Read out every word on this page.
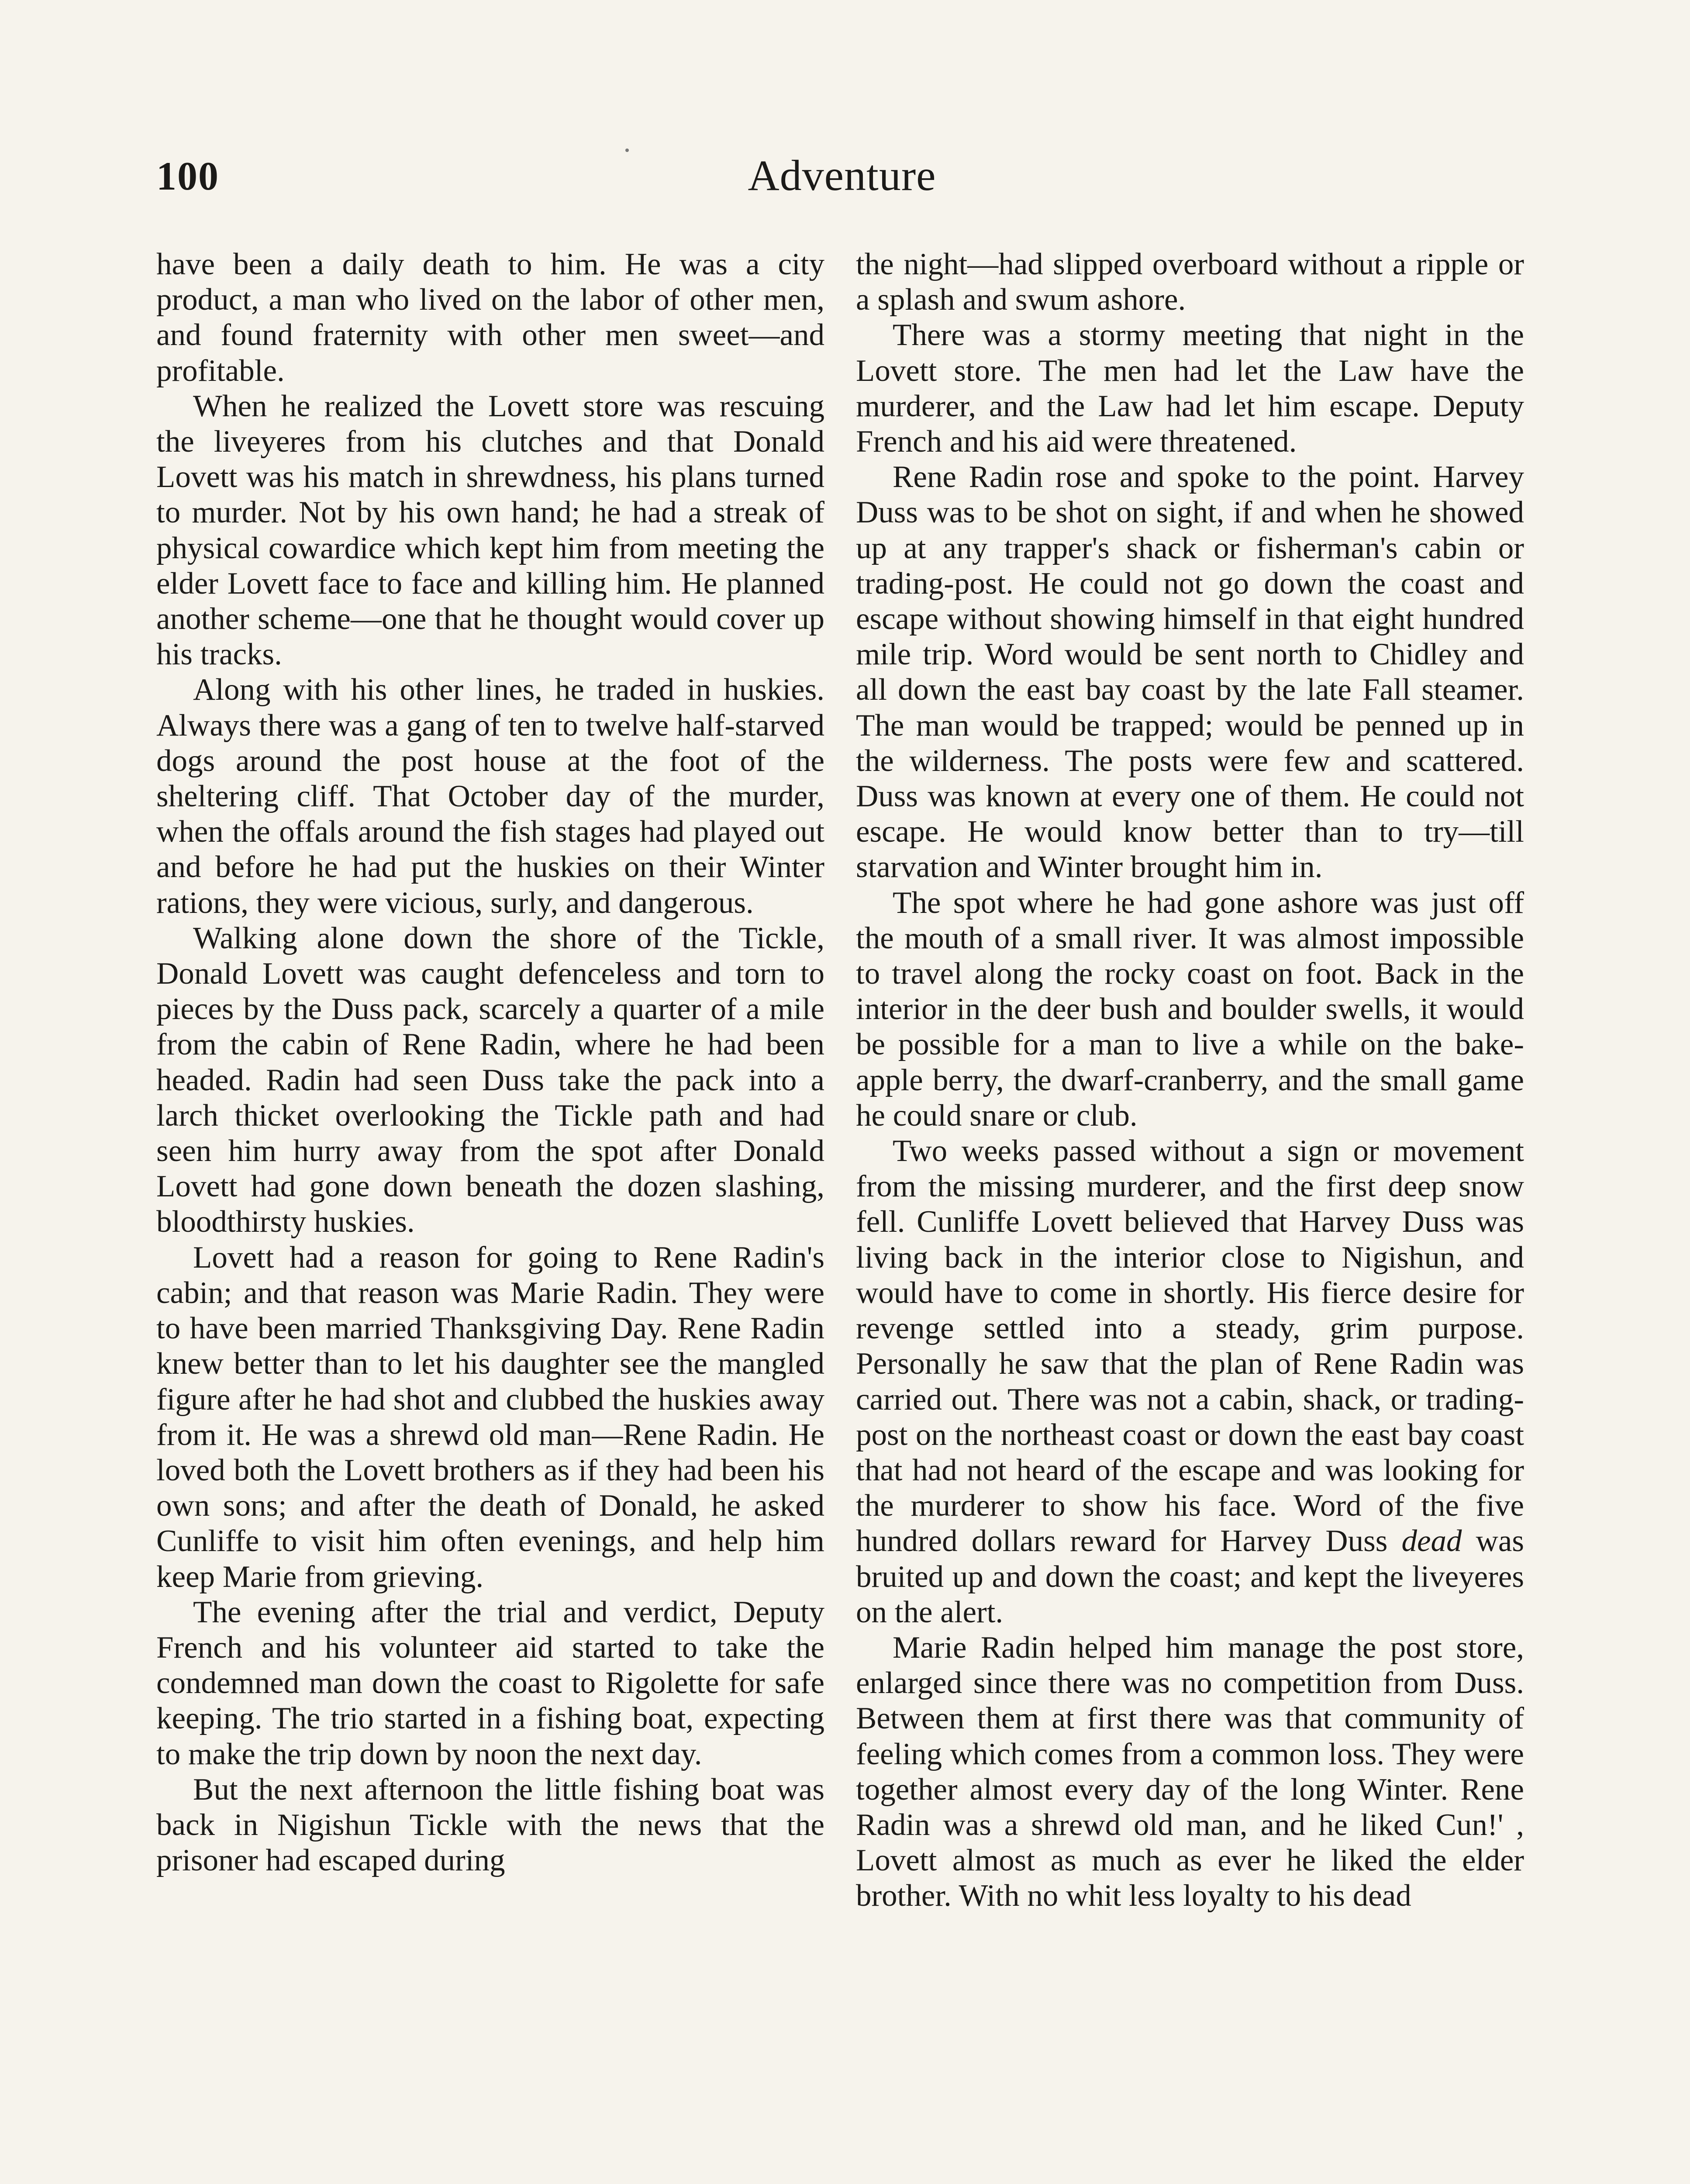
100	Adventure

have been a daily death to him. He was a city product, a man who lived on the labor of other men, and found fraternity with other men sweet—and profitable.

When he realized the Lovett store was rescuing the liveyeres from his clutches and that Donald Lovett was his match in shrewdness, his plans turned to murder. Not by his own hand; he had a streak of physical cowardice which kept him from meeting the elder Lovett face to face and killing him. He planned another scheme—one that he thought would cover up his tracks.

Along with his other lines, he traded in huskies. Always there was a gang of ten to twelve half-starved dogs around the post house at the foot of the sheltering cliff. That October day of the murder, when the offals around the fish stages had played out and before he had put the huskies on their Winter rations, they were vicious, surly, and dangerous.

Walking alone down the shore of the Tickle, Donald Lovett was caught defenceless and torn to pieces by the Duss pack, scarcely a quarter of a mile from the cabin of Rene Radin, where he had been headed. Radin had seen Duss take the pack into a larch thicket overlooking the Tickle path and had seen him hurry away from the spot after Donald Lovett had gone down beneath the dozen slashing, bloodthirsty huskies.

Lovett had a reason for going to Rene Radin's cabin; and that reason was Marie Radin. They were to have been married Thanksgiving Day. Rene Radin knew better than to let his daughter see the mangled figure after he had shot and clubbed the huskies away from it. He was a shrewd old man—Rene Radin. He loved both the Lovett brothers as if they had been his own sons; and after the death of Donald, he asked Cunliffe to visit him often evenings, and help him keep Marie from grieving.

The evening after the trial and verdict, Deputy French and his volunteer aid started to take the condemned man down the coast to Rigolette for safe keeping. The trio started in a fishing boat, expecting to make the trip down by noon the next day.

But the next afternoon the little fishing boat was back in Nigishun Tickle with the news that the prisoner had escaped during

the night—had slipped overboard without a ripple or a splash and swum ashore.

There was a stormy meeting that night in the Lovett store. The men had let the Law have the murderer, and the Law had let him escape. Deputy French and his aid were threatened.

Rene Radin rose and spoke to the point. Harvey Duss was to be shot on sight, if and when he showed up at any trapper's shack or fisherman's cabin or trading-post. He could not go down the coast and escape without showing himself in that eight hundred mile trip. Word would be sent north to Chidley and all down the east bay coast by the late Fall steamer. The man would be trapped; would be penned up in the wilderness. The posts were few and scattered. Duss was known at every one of them. He could not escape. He would know better than to try—till starvation and Winter brought him in.

The spot where he had gone ashore was just off the mouth of a small river. It was almost impossible to travel along the rocky coast on foot. Back in the interior in the deer bush and boulder swells, it would be possible for a man to live a while on the bake-apple berry, the dwarf-cranberry, and the small game he could snare or club.

Two weeks passed without a sign or movement from the missing murderer, and the first deep snow fell. Cunliffe Lovett believed that Harvey Duss was living back in the interior close to Nigishun, and would have to come in shortly. His fierce desire for revenge settled into a steady, grim purpose. Personally he saw that the plan of Rene Radin was carried out. There was not a cabin, shack, or trading-post on the northeast coast or down the east bay coast that had not heard of the escape and was looking for the murderer to show his face. Word of the five hundred dollars reward for Harvey Duss dead was bruited up and down the coast; and kept the liveyeres on the alert.

Marie Radin helped him manage the post store, enlarged since there was no competition from Duss. Between them at first there was that community of feeling which comes from a common loss. They were together almost every day of the long Winter. Rene Radin was a shrewd old man, and he liked Cun!' , Lovett almost as much as ever he liked the elder brother. With no whit less loyalty to his dead
